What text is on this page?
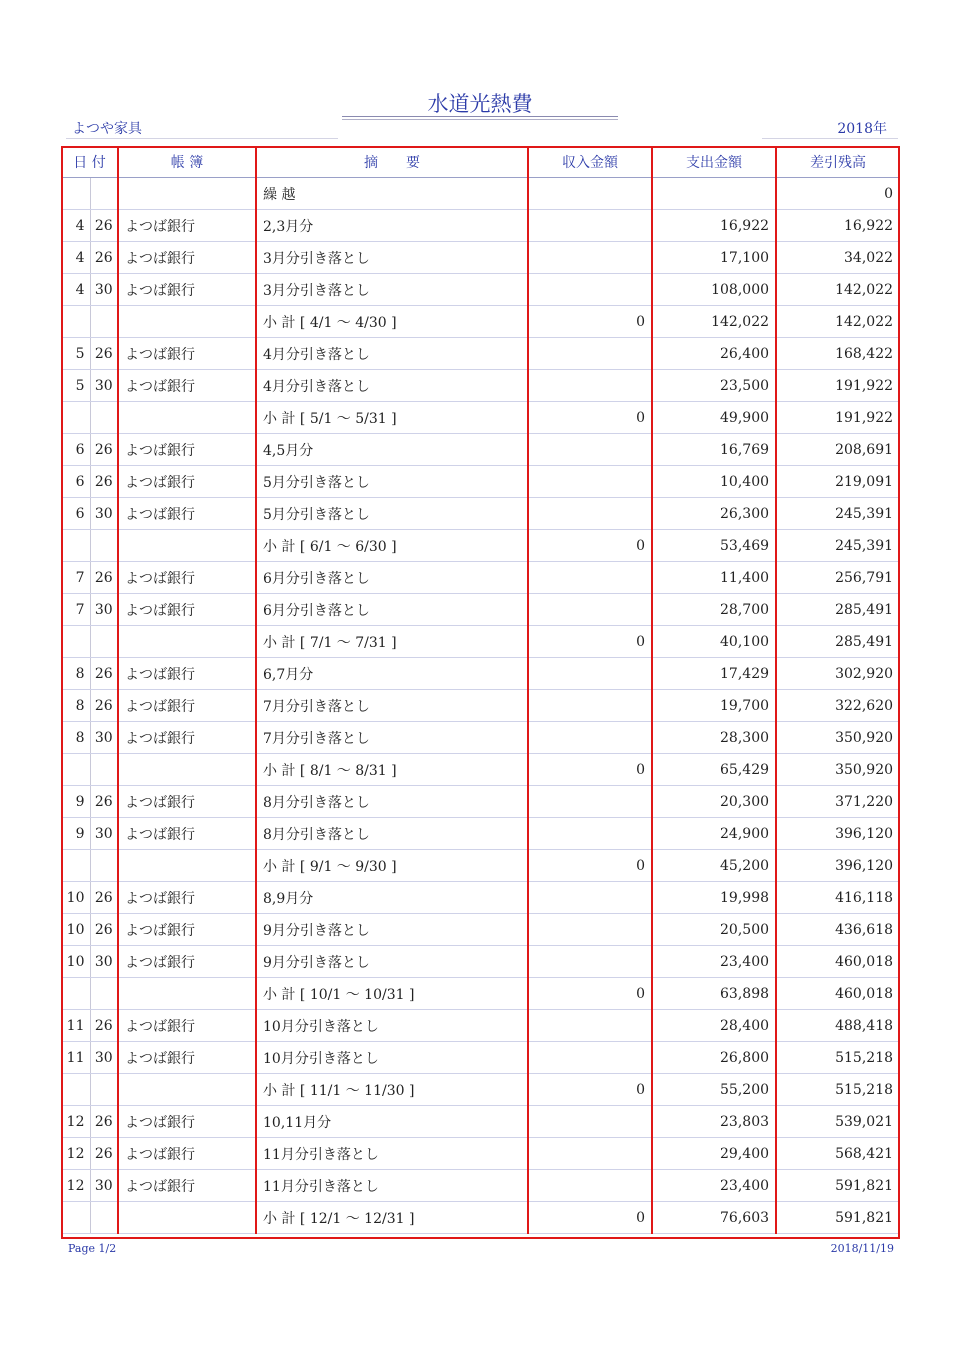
水道光熱費
よつや家具	2018年
日 付		帳 簿	摘　　要	収入金額	支出金額	差引残高
			繰 越			0
4	26	よつば銀行	2,3月分		16,922	16,922
4	26	よつば銀行	3月分引き落とし		17,100	34,022
4	30	よつば銀行	3月分引き落とし		108,000	142,022
			小 計 [ 4/1 ～ 4/30 ]	0	142,022	142,022
5	26	よつば銀行	4月分引き落とし		26,400	168,422
5	30	よつば銀行	4月分引き落とし		23,500	191,922
			小 計 [ 5/1 ～ 5/31 ]	0	49,900	191,922
6	26	よつば銀行	4,5月分		16,769	208,691
6	26	よつば銀行	5月分引き落とし		10,400	219,091
6	30	よつば銀行	5月分引き落とし		26,300	245,391
			小 計 [ 6/1 ～ 6/30 ]	0	53,469	245,391
7	26	よつば銀行	6月分引き落とし		11,400	256,791
7	30	よつば銀行	6月分引き落とし		28,700	285,491
			小 計 [ 7/1 ～ 7/31 ]	0	40,100	285,491
8	26	よつば銀行	6,7月分		17,429	302,920
8	26	よつば銀行	7月分引き落とし		19,700	322,620
8	30	よつば銀行	7月分引き落とし		28,300	350,920
			小 計 [ 8/1 ～ 8/31 ]	0	65,429	350,920
9	26	よつば銀行	8月分引き落とし		20,300	371,220
9	30	よつば銀行	8月分引き落とし		24,900	396,120
			小 計 [ 9/1 ～ 9/30 ]	0	45,200	396,120
10	26	よつば銀行	8,9月分		19,998	416,118
10	26	よつば銀行	9月分引き落とし		20,500	436,618
10	30	よつば銀行	9月分引き落とし		23,400	460,018
			小 計 [ 10/1 ～ 10/31 ]	0	63,898	460,018
11	26	よつば銀行	10月分引き落とし		28,400	488,418
11	30	よつば銀行	10月分引き落とし		26,800	515,218
			小 計 [ 11/1 ～ 11/30 ]	0	55,200	515,218
12	26	よつば銀行	10,11月分		23,803	539,021
12	26	よつば銀行	11月分引き落とし		29,400	568,421
12	30	よつば銀行	11月分引き落とし		23,400	591,821
			小 計 [ 12/1 ～ 12/31 ]	0	76,603	591,821
Page 1/2	2018/11/19
